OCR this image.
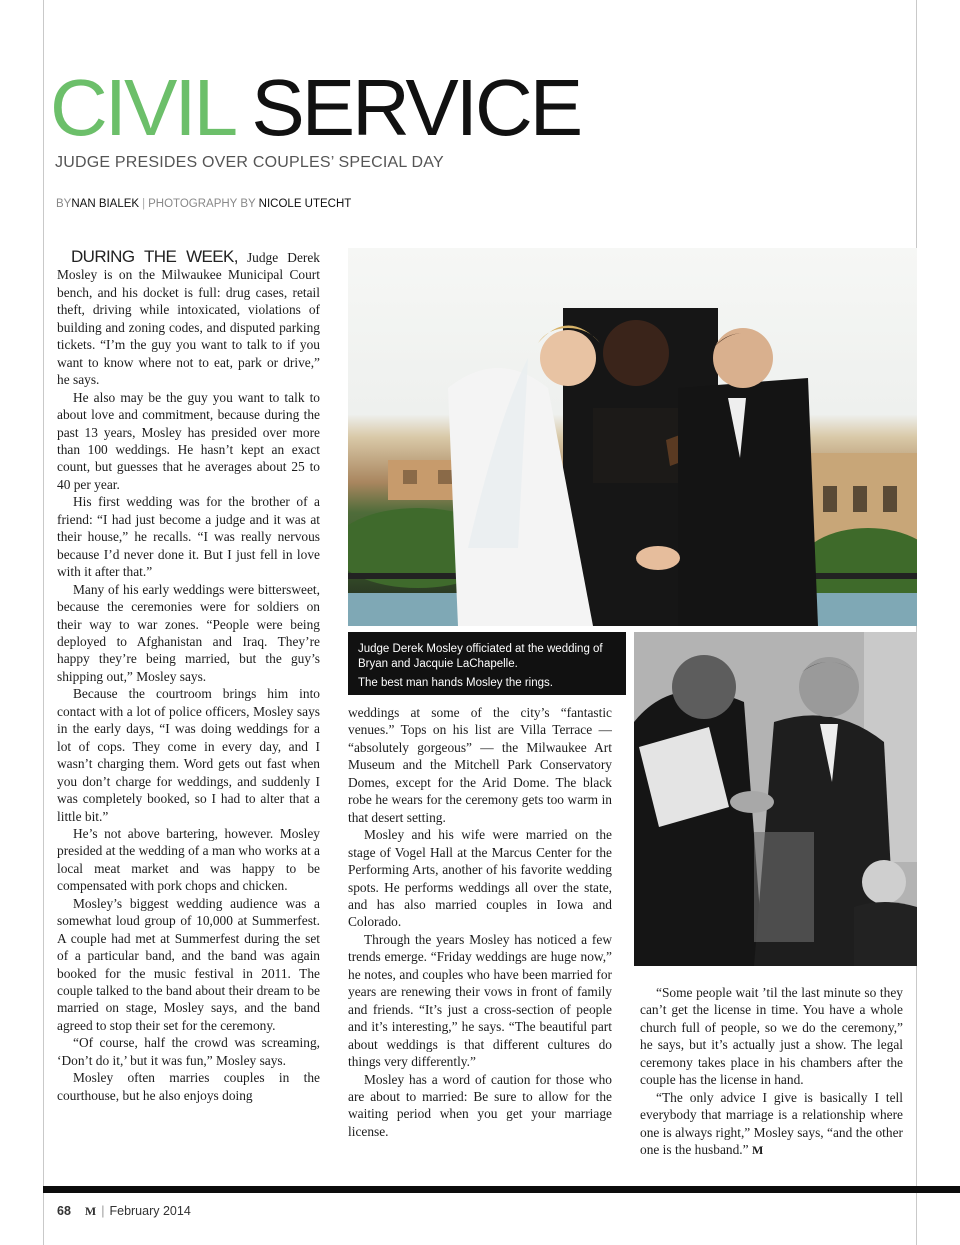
CIVIL SERVICE
JUDGE PRESIDES OVER COUPLES’ SPECIAL DAY
BYNAN BIALEK | PHOTOGRAPHY BY NICOLE UTECHT

DURING THE WEEK, Judge Derek Mosley is on the Milwaukee Municipal Court bench, and his docket is full: drug cases, retail theft, driving while intoxicated, violations of building and zoning codes, and disputed parking tickets. “I’m the guy you want to talk to if you want to know where not to eat, park or drive,” he says.

He also may be the guy you want to talk to about love and commitment, because during the past 13 years, Mosley has presided over more than 100 weddings. He hasn’t kept an exact count, but guesses that he averages about 25 to 40 per year.

His first wedding was for the brother of a friend: “I had just become a judge and it was at their house,” he recalls. “I was really nervous because I’d never done it. But I just fell in love with it after that.”

Many of his early weddings were bittersweet, because the ceremonies were for soldiers on their way to war zones. “People were being deployed to Afghanistan and Iraq. They’re happy they’re being married, but the guy’s shipping out,” Mosley says.

Because the courtroom brings him into contact with a lot of police officers, Mosley says in the early days, “I was doing weddings for a lot of cops. They come in every day, and I wasn’t charging them. Word gets out fast when you don’t charge for weddings, and suddenly I was completely booked, so I had to alter that a little bit.”

He’s not above bartering, however. Mosley presided at the wedding of a man who works at a local meat market and was happy to be compensated with pork chops and chicken.

Mosley’s biggest wedding audience was a somewhat loud group of 10,000 at Summerfest. A couple had met at Summerfest during the set of a particular band, and the band was again booked for the music festival in 2011. The couple talked to the band about their dream to be married on stage, Mosley says, and the band agreed to stop their set for the ceremony.

“Of course, half the crowd was screaming, ‘Don’t do it,’ but it was fun,” Mosley says.

Mosley often marries couples in the courthouse, but he also enjoys doing

Judge Derek Mosley officiated at the wedding of Bryan and Jacquie LaChapelle.
The best man hands Mosley the rings.

weddings at some of the city’s “fantastic venues.” Tops on his list are Villa Terrace — “absolutely gorgeous” — the Milwaukee Art Museum and the Mitchell Park Conservatory Domes, except for the Arid Dome. The black robe he wears for the ceremony gets too warm in that desert setting.

Mosley and his wife were married on the stage of Vogel Hall at the Marcus Center for the Performing Arts, another of his favorite wedding spots. He performs weddings all over the state, and has also married couples in Iowa and Colorado.

Through the years Mosley has noticed a few trends emerge. “Friday weddings are huge now,” he notes, and couples who have been married for years are renewing their vows in front of family and friends. “It’s just a cross-section of people and it’s interesting,” he says. “The beautiful part about weddings is that different cultures do things very differently.”

Mosley has a word of caution for those who are about to married: Be sure to allow for the waiting period when you get your marriage license.

“Some people wait ’til the last minute so they can’t get the license in time. You have a whole church full of people, so we do the ceremony,” he says, but it’s actually just a show. The legal ceremony takes place in his chambers after the couple has the license in hand.

“The only advice I give is basically I tell everybody that marriage is a relationship where one is always right,” Mosley says, “and the other one is the husband.” M

68 M | February 2014
